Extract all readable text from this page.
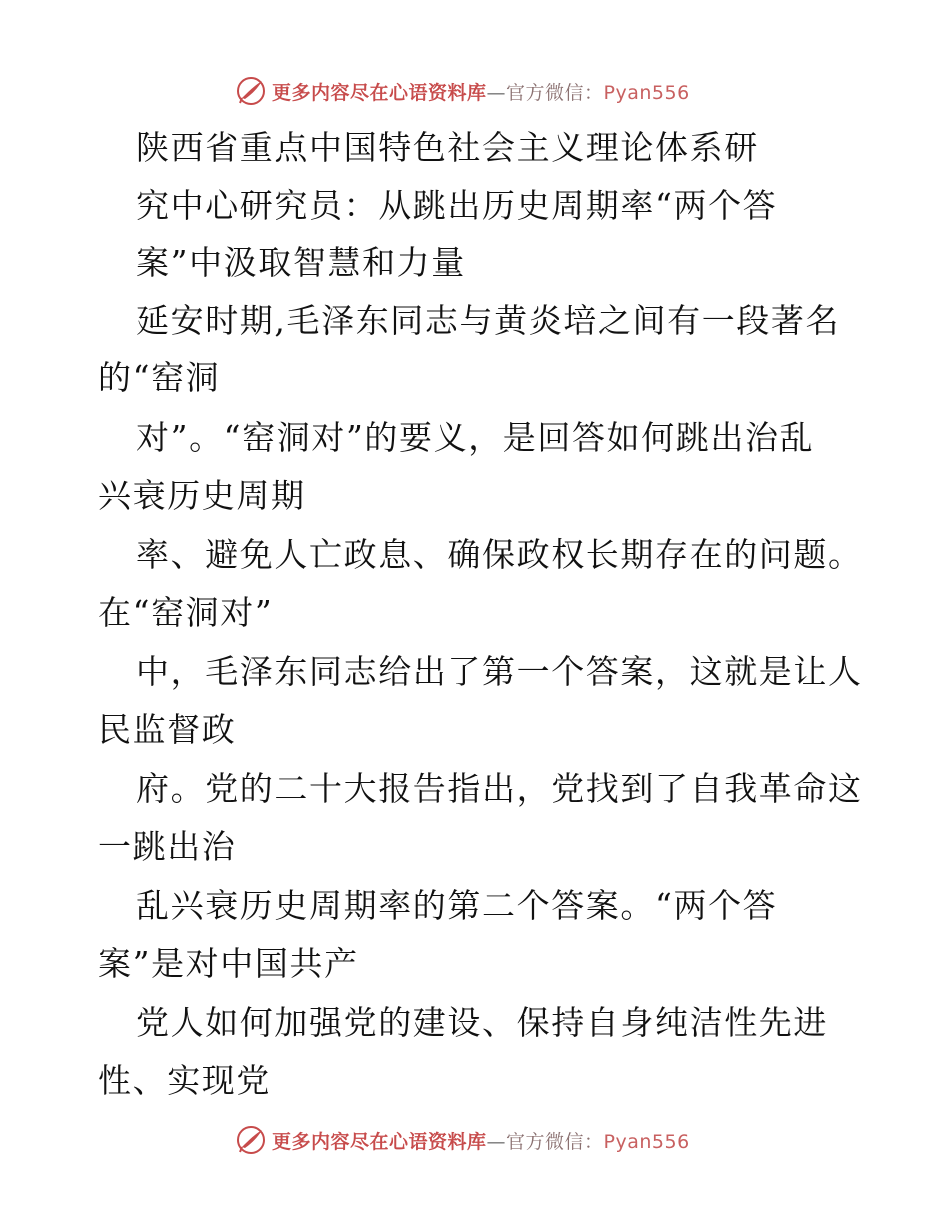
更多内容尽在心语资料库—官方微信：Pyan556
陕西省重点中国特色社会主义理论体系研
究中心研究员：从跳出历史周期率“两个答
案”中汲取智慧和力量
延安时期,毛泽东同志与黄炎培之间有一段著名
的“窑洞
对”。“窑洞对”的要义，是回答如何跳出治乱
兴衰历史周期
率、避免人亡政息、确保政权长期存在的问题。
在“窑洞对”
中，毛泽东同志给出了第一个答案，这就是让人
民监督政
府。党的二十大报告指出，党找到了自我革命这
一跳出治
乱兴衰历史周期率的第二个答案。“两个答
案”是对中国共产
党人如何加强党的建设、保持自身纯洁性先进
性、实现党
更多内容尽在心语资料库—官方微信：Pyan556
